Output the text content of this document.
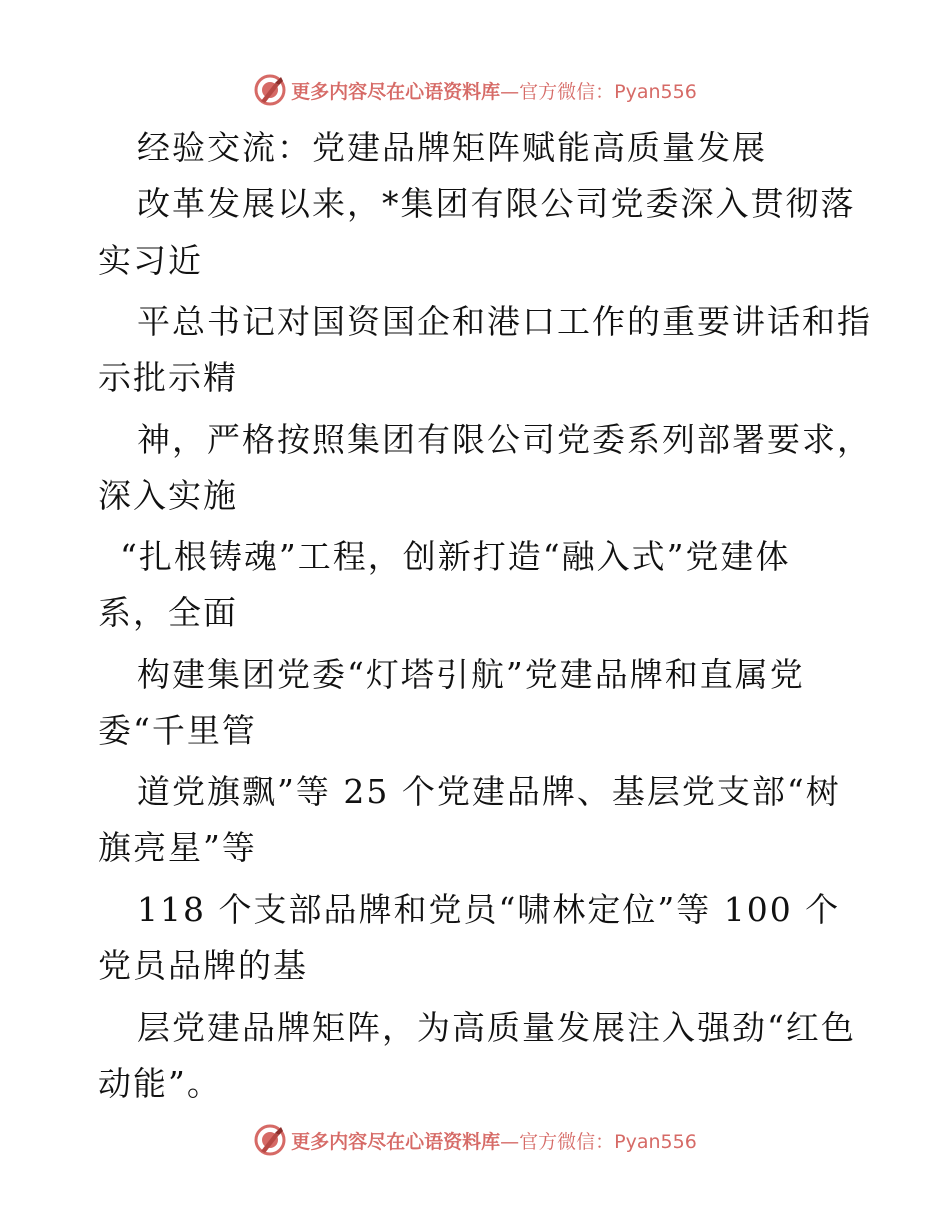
更多内容尽在心语资料库 —官方微信：Pyan556
经验交流：党建品牌矩阵赋能高质量发展
改革发展以来，*集团有限公司党委深入贯彻落
实习近
平总书记对国资国企和港口工作的重要讲话和指
示批示精
神，严格按照集团有限公司党委系列部署要求，
深入实施
“扎根铸魂”工程，创新打造“融入式”党建体
系，全面
构建集团党委“灯塔引航”党建品牌和直属党
委“千里管
道党旗飘”等 25 个党建品牌、基层党支部“树
旗亮星”等
118 个支部品牌和党员“啸林定位”等 100 个
党员品牌的基
层党建品牌矩阵，为高质量发展注入强劲“红色
动能”。
更多内容尽在心语资料库 —官方微信：Pyan556
